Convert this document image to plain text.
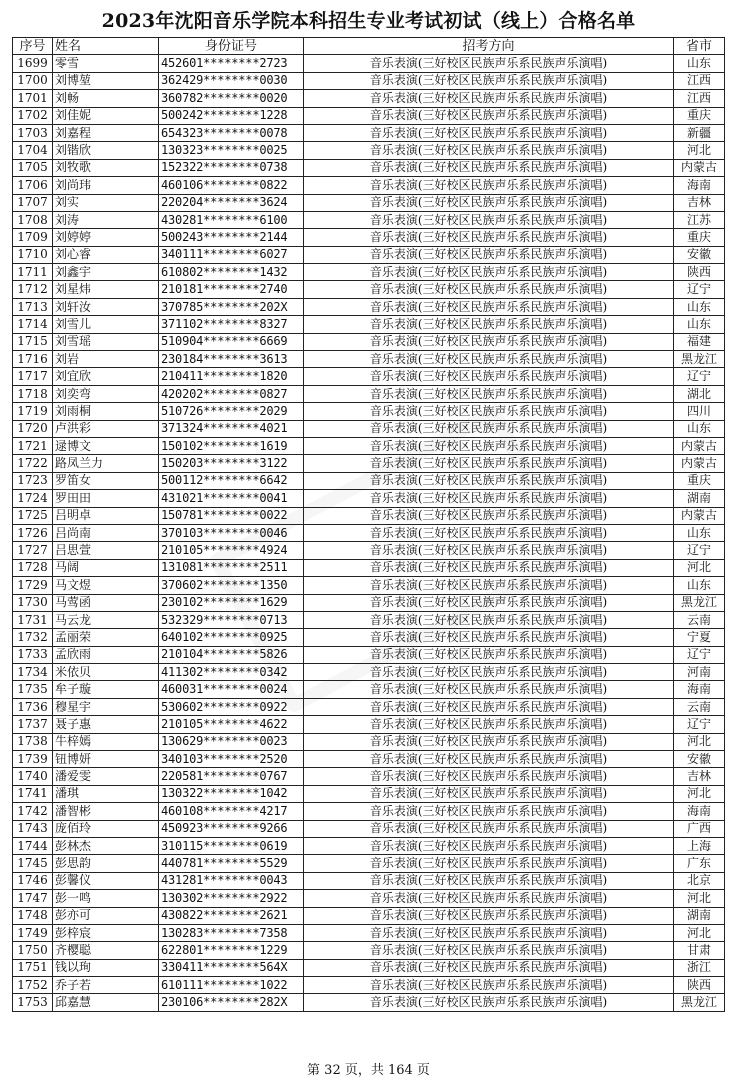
2023年沈阳音乐学院本科招生专业考试初试（线上）合格名单
序号	姓名	身份证号	招考方向	省市
1699	零雪	452601********2723	音乐表演(三好校区民族声乐系民族声乐演唱)	山东
1700	刘博堃	362429********0030	音乐表演(三好校区民族声乐系民族声乐演唱)	江西
1701	刘畅	360782********0020	音乐表演(三好校区民族声乐系民族声乐演唱)	江西
1702	刘佳妮	500242********1228	音乐表演(三好校区民族声乐系民族声乐演唱)	重庆
1703	刘嘉程	654323********0078	音乐表演(三好校区民族声乐系民族声乐演唱)	新疆
1704	刘锴欣	130323********0025	音乐表演(三好校区民族声乐系民族声乐演唱)	河北
1705	刘牧歌	152322********0738	音乐表演(三好校区民族声乐系民族声乐演唱)	内蒙古
1706	刘尚玮	460106********0822	音乐表演(三好校区民族声乐系民族声乐演唱)	海南
1707	刘实	220204********3624	音乐表演(三好校区民族声乐系民族声乐演唱)	吉林
1708	刘涛	430281********6100	音乐表演(三好校区民族声乐系民族声乐演唱)	江苏
1709	刘婷婷	500243********2144	音乐表演(三好校区民族声乐系民族声乐演唱)	重庆
1710	刘心睿	340111********6027	音乐表演(三好校区民族声乐系民族声乐演唱)	安徽
1711	刘鑫宇	610802********1432	音乐表演(三好校区民族声乐系民族声乐演唱)	陕西
1712	刘星炜	210181********2740	音乐表演(三好校区民族声乐系民族声乐演唱)	辽宁
1713	刘轩汝	370785********202X	音乐表演(三好校区民族声乐系民族声乐演唱)	山东
1714	刘雪儿	371102********8327	音乐表演(三好校区民族声乐系民族声乐演唱)	山东
1715	刘雪瑶	510904********6669	音乐表演(三好校区民族声乐系民族声乐演唱)	福建
1716	刘岩	230184********3613	音乐表演(三好校区民族声乐系民族声乐演唱)	黑龙江
1717	刘宜欣	210411********1820	音乐表演(三好校区民族声乐系民族声乐演唱)	辽宁
1718	刘奕弯	420202********0827	音乐表演(三好校区民族声乐系民族声乐演唱)	湖北
1719	刘雨桐	510726********2029	音乐表演(三好校区民族声乐系民族声乐演唱)	四川
1720	卢洪彩	371324********4021	音乐表演(三好校区民族声乐系民族声乐演唱)	山东
1721	逯博文	150102********1619	音乐表演(三好校区民族声乐系民族声乐演唱)	内蒙古
1722	路凤兰力	150203********3122	音乐表演(三好校区民族声乐系民族声乐演唱)	内蒙古
1723	罗笛女	500112********6642	音乐表演(三好校区民族声乐系民族声乐演唱)	重庆
1724	罗田田	431021********0041	音乐表演(三好校区民族声乐系民族声乐演唱)	湖南
1725	吕明卓	150781********0022	音乐表演(三好校区民族声乐系民族声乐演唱)	内蒙古
1726	吕尚南	370103********0046	音乐表演(三好校区民族声乐系民族声乐演唱)	山东
1727	吕思萱	210105********4924	音乐表演(三好校区民族声乐系民族声乐演唱)	辽宁
1728	马阔	131081********2511	音乐表演(三好校区民族声乐系民族声乐演唱)	河北
1729	马文煜	370602********1350	音乐表演(三好校区民族声乐系民族声乐演唱)	山东
1730	马莺函	230102********1629	音乐表演(三好校区民族声乐系民族声乐演唱)	黑龙江
1731	马云龙	532329********0713	音乐表演(三好校区民族声乐系民族声乐演唱)	云南
1732	孟丽荣	640102********0925	音乐表演(三好校区民族声乐系民族声乐演唱)	宁夏
1733	孟欣雨	210104********5826	音乐表演(三好校区民族声乐系民族声乐演唱)	辽宁
1734	米依贝	411302********0342	音乐表演(三好校区民族声乐系民族声乐演唱)	河南
1735	牟子璇	460031********0024	音乐表演(三好校区民族声乐系民族声乐演唱)	海南
1736	穆星宇	530602********0922	音乐表演(三好校区民族声乐系民族声乐演唱)	云南
1737	聂子惠	210105********4622	音乐表演(三好校区民族声乐系民族声乐演唱)	辽宁
1738	牛梓嫣	130629********0023	音乐表演(三好校区民族声乐系民族声乐演唱)	河北
1739	钮博妍	340103********2520	音乐表演(三好校区民族声乐系民族声乐演唱)	安徽
1740	潘爱雯	220581********0767	音乐表演(三好校区民族声乐系民族声乐演唱)	吉林
1741	潘琪	130322********1042	音乐表演(三好校区民族声乐系民族声乐演唱)	河北
1742	潘智彬	460108********4217	音乐表演(三好校区民族声乐系民族声乐演唱)	海南
1743	庞佰玲	450923********9266	音乐表演(三好校区民族声乐系民族声乐演唱)	广西
1744	彭林杰	310115********0619	音乐表演(三好校区民族声乐系民族声乐演唱)	上海
1745	彭思韵	440781********5529	音乐表演(三好校区民族声乐系民族声乐演唱)	广东
1746	彭馨仪	431281********0043	音乐表演(三好校区民族声乐系民族声乐演唱)	北京
1747	彭一鸣	130302********2922	音乐表演(三好校区民族声乐系民族声乐演唱)	河北
1748	彭亦可	430822********2621	音乐表演(三好校区民族声乐系民族声乐演唱)	湖南
1749	彭梓宸	130283********7358	音乐表演(三好校区民族声乐系民族声乐演唱)	河北
1750	齐樱聪	622801********1229	音乐表演(三好校区民族声乐系民族声乐演唱)	甘肃
1751	钱以珣	330411********564X	音乐表演(三好校区民族声乐系民族声乐演唱)	浙江
1752	乔子若	610111********1022	音乐表演(三好校区民族声乐系民族声乐演唱)	陕西
1753	邱嘉慧	230106********282X	音乐表演(三好校区民族声乐系民族声乐演唱)	黑龙江
第 32 页，共 164 页
